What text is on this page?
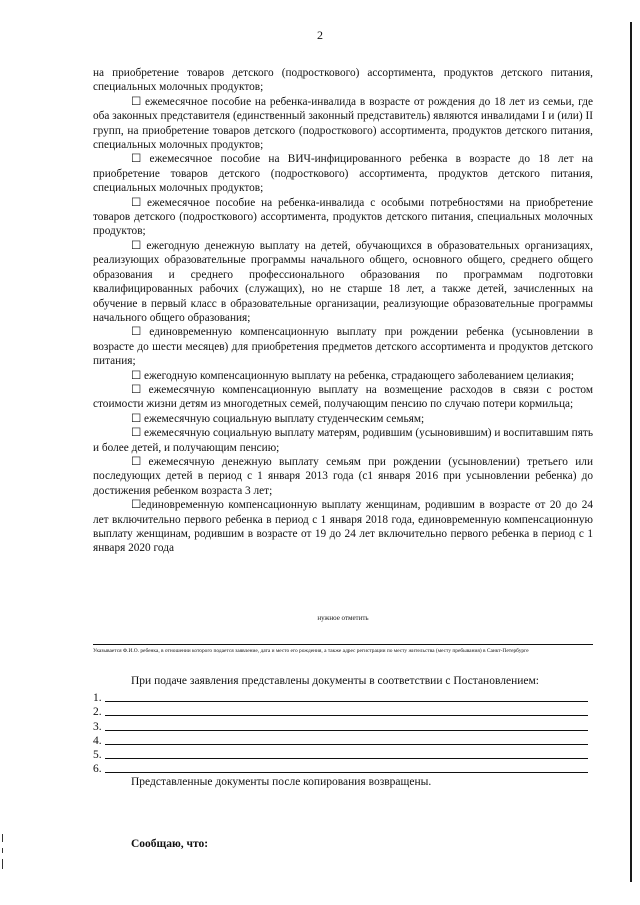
2

на приобретение товаров детского (подросткового) ассортимента, продуктов детского питания, специальных молочных продуктов;

☐ ежемесячное пособие на ребенка-инвалида в возрасте от рождения до 18 лет из семьи, где оба законных представителя (единственный законный представитель) являются инвалидами I и (или) II групп, на приобретение товаров детского (подросткового) ассортимента, продуктов детского питания, специальных молочных продуктов;

☐ ежемесячное пособие на ВИЧ-инфицированного ребенка в возрасте до 18 лет на приобретение товаров детского (подросткового) ассортимента, продуктов детского питания, специальных молочных продуктов;

☐ ежемесячное пособие на ребенка-инвалида с особыми потребностями на приобретение товаров детского (подросткового) ассортимента, продуктов детского питания, специальных молочных продуктов;

☐ ежегодную денежную выплату на детей, обучающихся в образовательных организациях, реализующих образовательные программы начального общего, основного общего, среднего общего образования и среднего профессионального образования по программам подготовки квалифицированных рабочих (служащих), но не старше 18 лет, а также детей, зачисленных на обучение в первый класс в образовательные организации, реализующие образовательные программы начального общего образования;

☐ единовременную компенсационную выплату при рождении ребенка (усыновлении в возрасте до шести месяцев) для приобретения предметов детского ассортимента и продуктов детского питания;

☐ ежегодную компенсационную выплату на ребенка, страдающего заболеванием целиакия;

☐ ежемесячную компенсационную выплату на возмещение расходов в связи с ростом стоимости жизни детям из многодетных семей, получающим пенсию по случаю потери кормильца;

☐ ежемесячную социальную выплату студенческим семьям;

☐ ежемесячную социальную выплату матерям, родившим (усыновившим) и воспитавшим пять и более детей, и получающим пенсию;

☐ ежемесячную денежную выплату семьям при рождении (усыновлении) третьего или последующих детей в период с 1 января 2013 года (с1 января 2016 при усыновлении ребенка) до достижения ребенком возраста 3 лет;

☐единовременную компенсационную выплату женщинам, родившим в возрасте от 20 до 24 лет включительно первого ребенка в период с 1 января 2018 года, единовременную компенсационную выплату женщинам, родившим в возрасте от 19 до 24 лет включительно первого ребенка в период с 1 января 2020 года

нужное отметить
Указывается Ф.И.О. ребенка, в отношении которого подается заявление, дата и место его рождения, а также адрес регистрации по месту жительства (месту пребывания) в Санкт-Петербурге
При подаче заявления представлены документы в соответствии с Постановлением:
1.
2.
3.
4.
5.
6.
Представленные документы после копирования возвращены.
Сообщаю, что:
